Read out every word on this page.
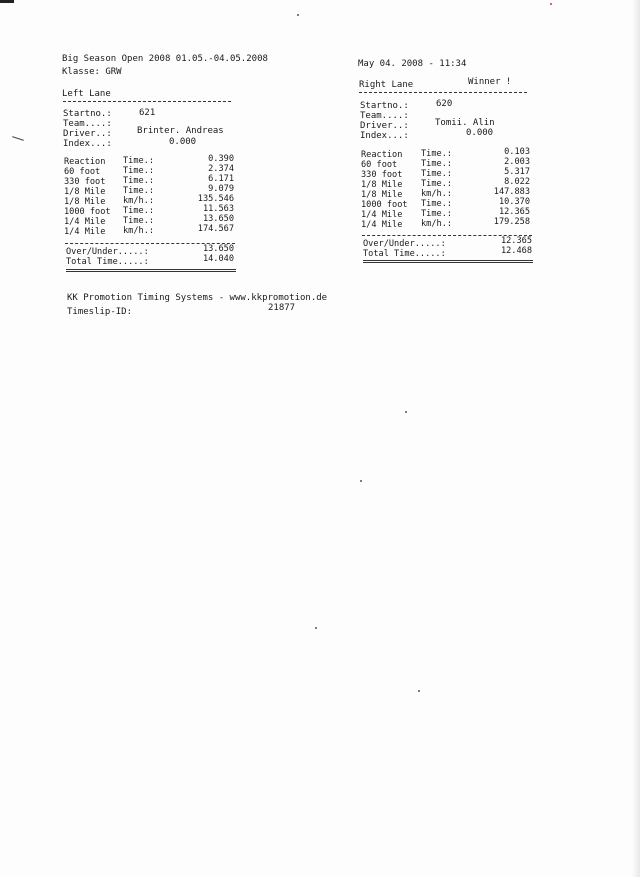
Big Season Open 2008 01.05.-04.05.2008
Klasse: GRW
May 04. 2008 - 11:34
Left Lane
Startno.:	621
Team....:
Driver..:	Brinter. Andreas
Index...:	0.000
Reaction Time.:	0.390
60 foot	Time.:	2.374
330 foot Time.:	6.171
1/8 Mile Time.:	9.079
1/8 Mile km/h.:	135.546
1000 foot Time.:	11.563
1/4 Mile Time.:	13.650
1/4 Mile km/h.:	174.567
Over/Under.....:	13.650
Total Time.....:	14.040
Right Lane	Winner !
Startno.:	620
Team....:
Driver..:	Tomii. Alin
Index...:	0.000
Reaction Time.:	0.103
60 foot	Time.:	2.003
330 foot Time.:	5.317
1/8 Mile Time.:	8.022
1/8 Mile km/h.:	147.883
1000 foot Time.:	10.370
1/4 Mile Time.:	12.365
1/4 Mile km/h.:	179.258
Over/Under.....:	12.365
Total Time.....:	12.468
KK Promotion Timing Systems - www.kkpromotion.de
Timeslip-ID:	21877
